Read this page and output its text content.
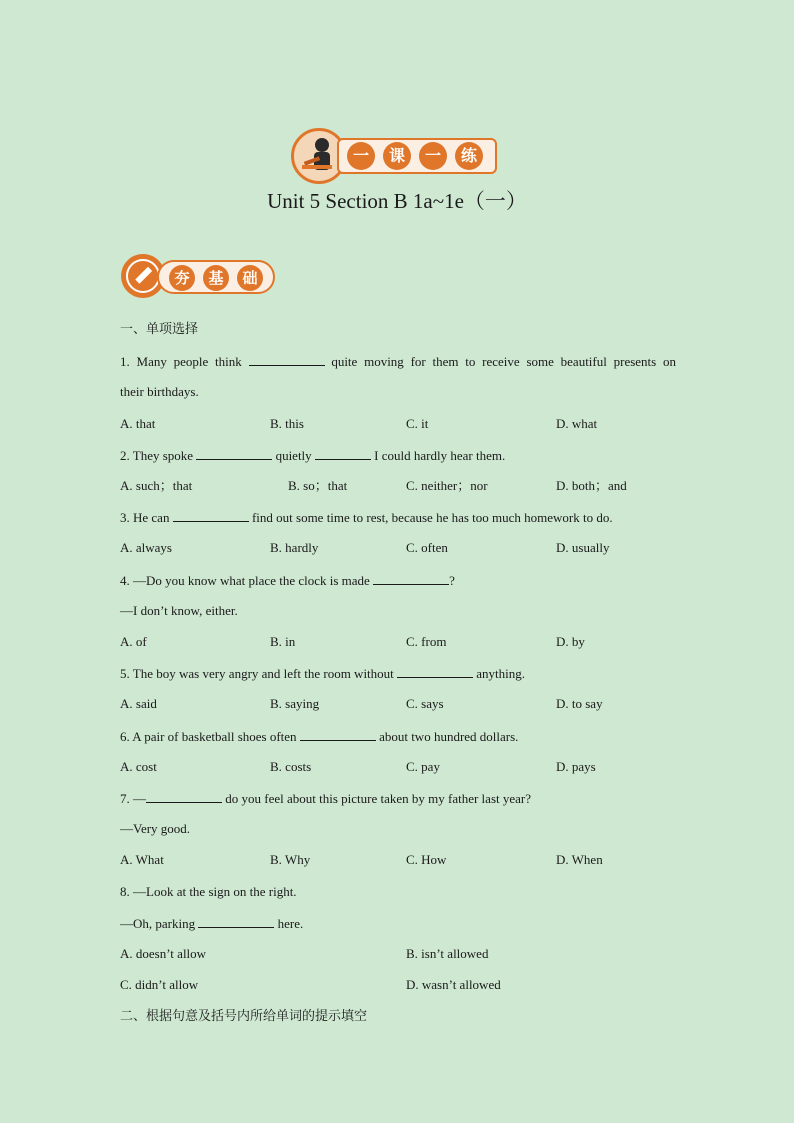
一	课	一	练
Unit 5 Section B 1a~1e（一）
夯	基	础
一、单项选择
1. Many people think	quite moving for them to receive some beautiful presents on
their birthdays.
A. that	B. this	C. it	D. what
2. They spoke	quietly	I could hardly hear them.
A. such；that	B. so；that	C. neither；nor	D. both；and
3. He can	find out some time to rest, because he has too much homework to do.
A. always	B. hardly	C. often	D. usually
4. —Do you know what place the clock is made	?
—I don’t know, either.
A. of	B. in	C. from	D. by
5. The boy was very angry and left the room without	anything.
A. said	B. saying	C. says	D. to say
6. A pair of basketball shoes often	about two hundred dollars.
A. cost	B. costs	C. pay	D. pays
7. —	do you feel about this picture taken by my father last year?
—Very good.
A. What	B. Why	C. How	D. When
8. —Look at the sign on the right.
—Oh, parking	here.
A. doesn’t allow	B. isn’t allowed
C. didn’t allow	D. wasn’t allowed
二、根据句意及括号内所给单词的提示填空
